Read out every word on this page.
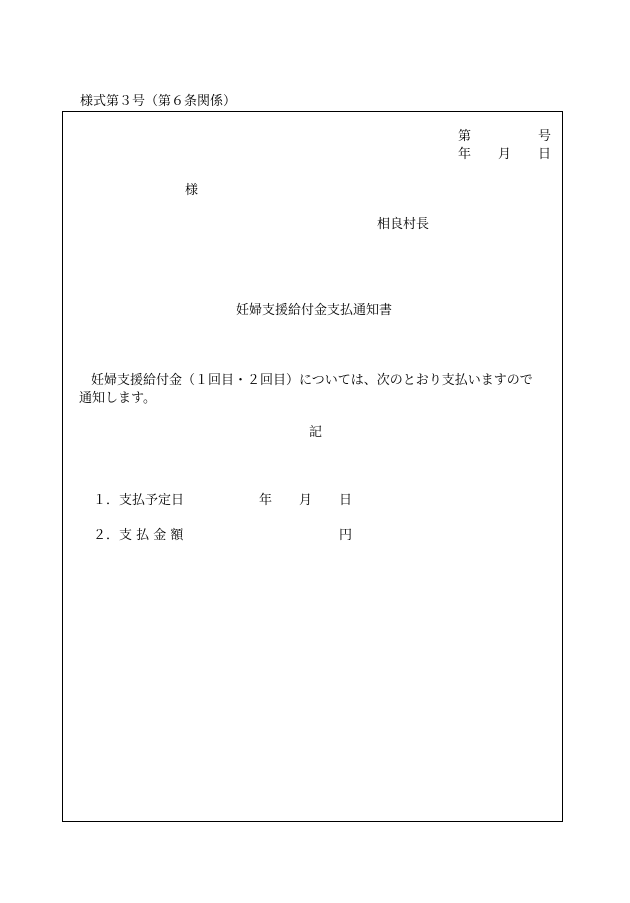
様式第３号（第６条関係）
第	号
年 月 日
様
相良村長
妊婦支援給付金支払通知書
妊婦支援給付金（１回目・２回目）については、次のとおり支払いますので
通知します。
記
１．支払予定日	年 月 日
２．支 払 金 額	円
